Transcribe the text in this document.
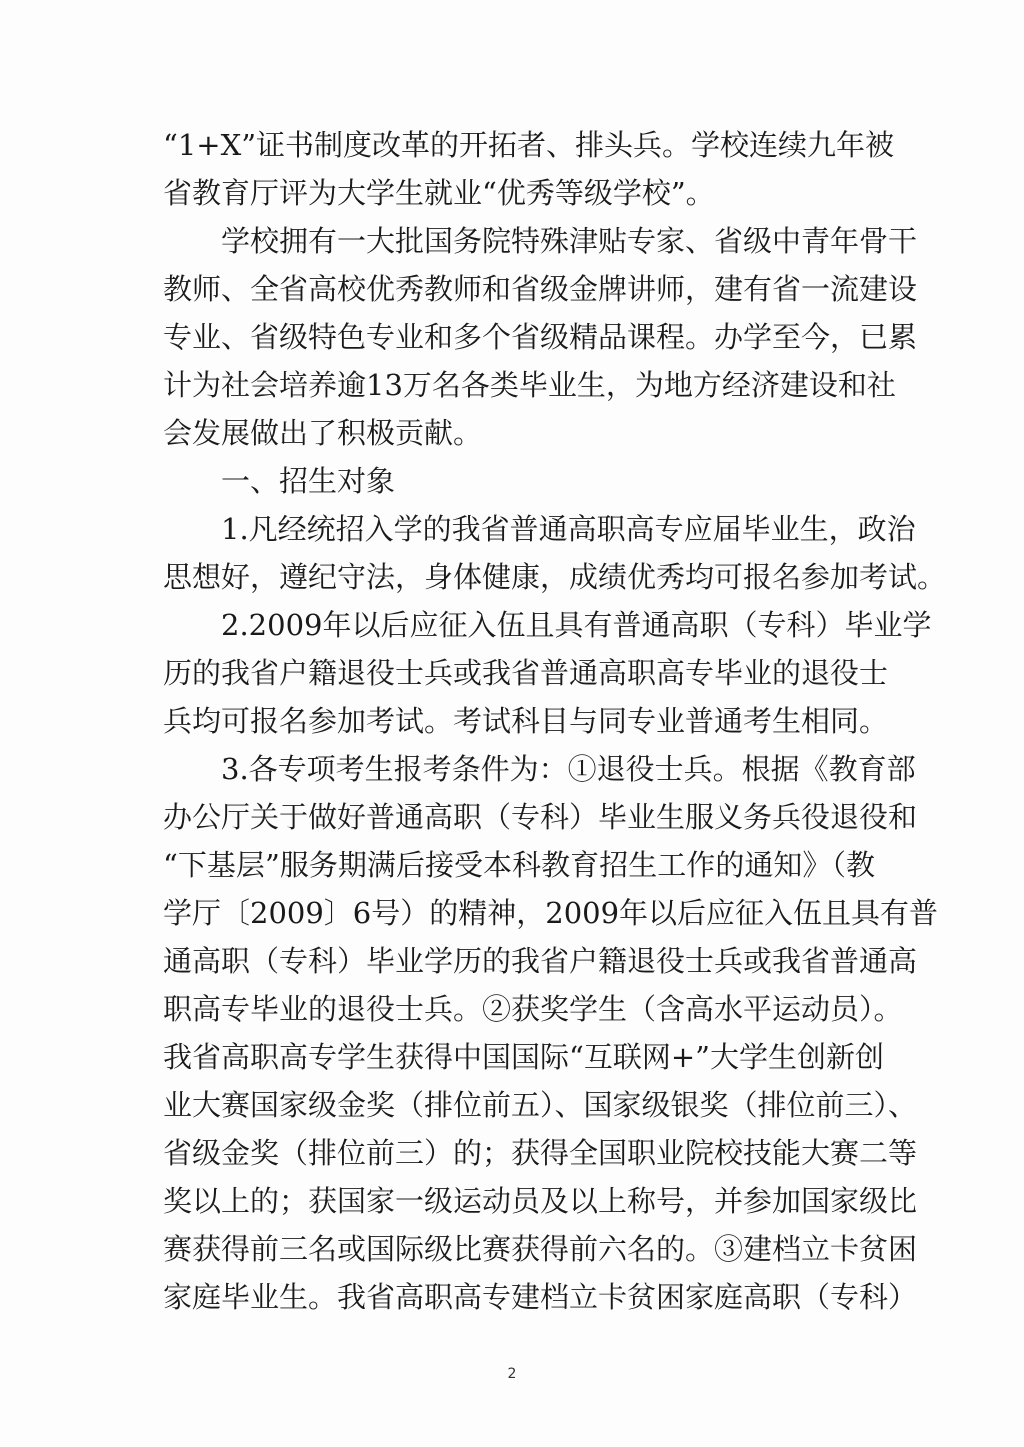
“1+X”证书制度改革的开拓者、排头兵。学校连续九年被
省教育厅评为大学生就业“优秀等级学校”。
学校拥有一大批国务院特殊津贴专家、省级中青年骨干
教师、全省高校优秀教师和省级金牌讲师，建有省一流建设
专业、省级特色专业和多个省级精品课程。办学至今，已累
计为社会培养逾13万名各类毕业生，为地方经济建设和社
会发展做出了积极贡献。
一、招生对象
1.凡经统招入学的我省普通高职高专应届毕业生，政治
思想好，遵纪守法，身体健康，成绩优秀均可报名参加考试。
2.2009年以后应征入伍且具有普通高职（专科）毕业学
历的我省户籍退役士兵或我省普通高职高专毕业的退役士
兵均可报名参加考试。考试科目与同专业普通考生相同。
3.各专项考生报考条件为：①退役士兵。根据《教育部
办公厅关于做好普通高职（专科）毕业生服义务兵役退役和
“下基层”服务期满后接受本科教育招生工作的通知》（教
学厅〔2009〕6号）的精神，2009年以后应征入伍且具有普
通高职（专科）毕业学历的我省户籍退役士兵或我省普通高
职高专毕业的退役士兵。②获奖学生（含高水平运动员）。
我省高职高专学生获得中国国际“互联网+”大学生创新创
业大赛国家级金奖（排位前五）、国家级银奖（排位前三）、
省级金奖（排位前三）的；获得全国职业院校技能大赛二等
奖以上的；获国家一级运动员及以上称号，并参加国家级比
赛获得前三名或国际级比赛获得前六名的。③建档立卡贫困
家庭毕业生。我省高职高专建档立卡贫困家庭高职（专科）
2
